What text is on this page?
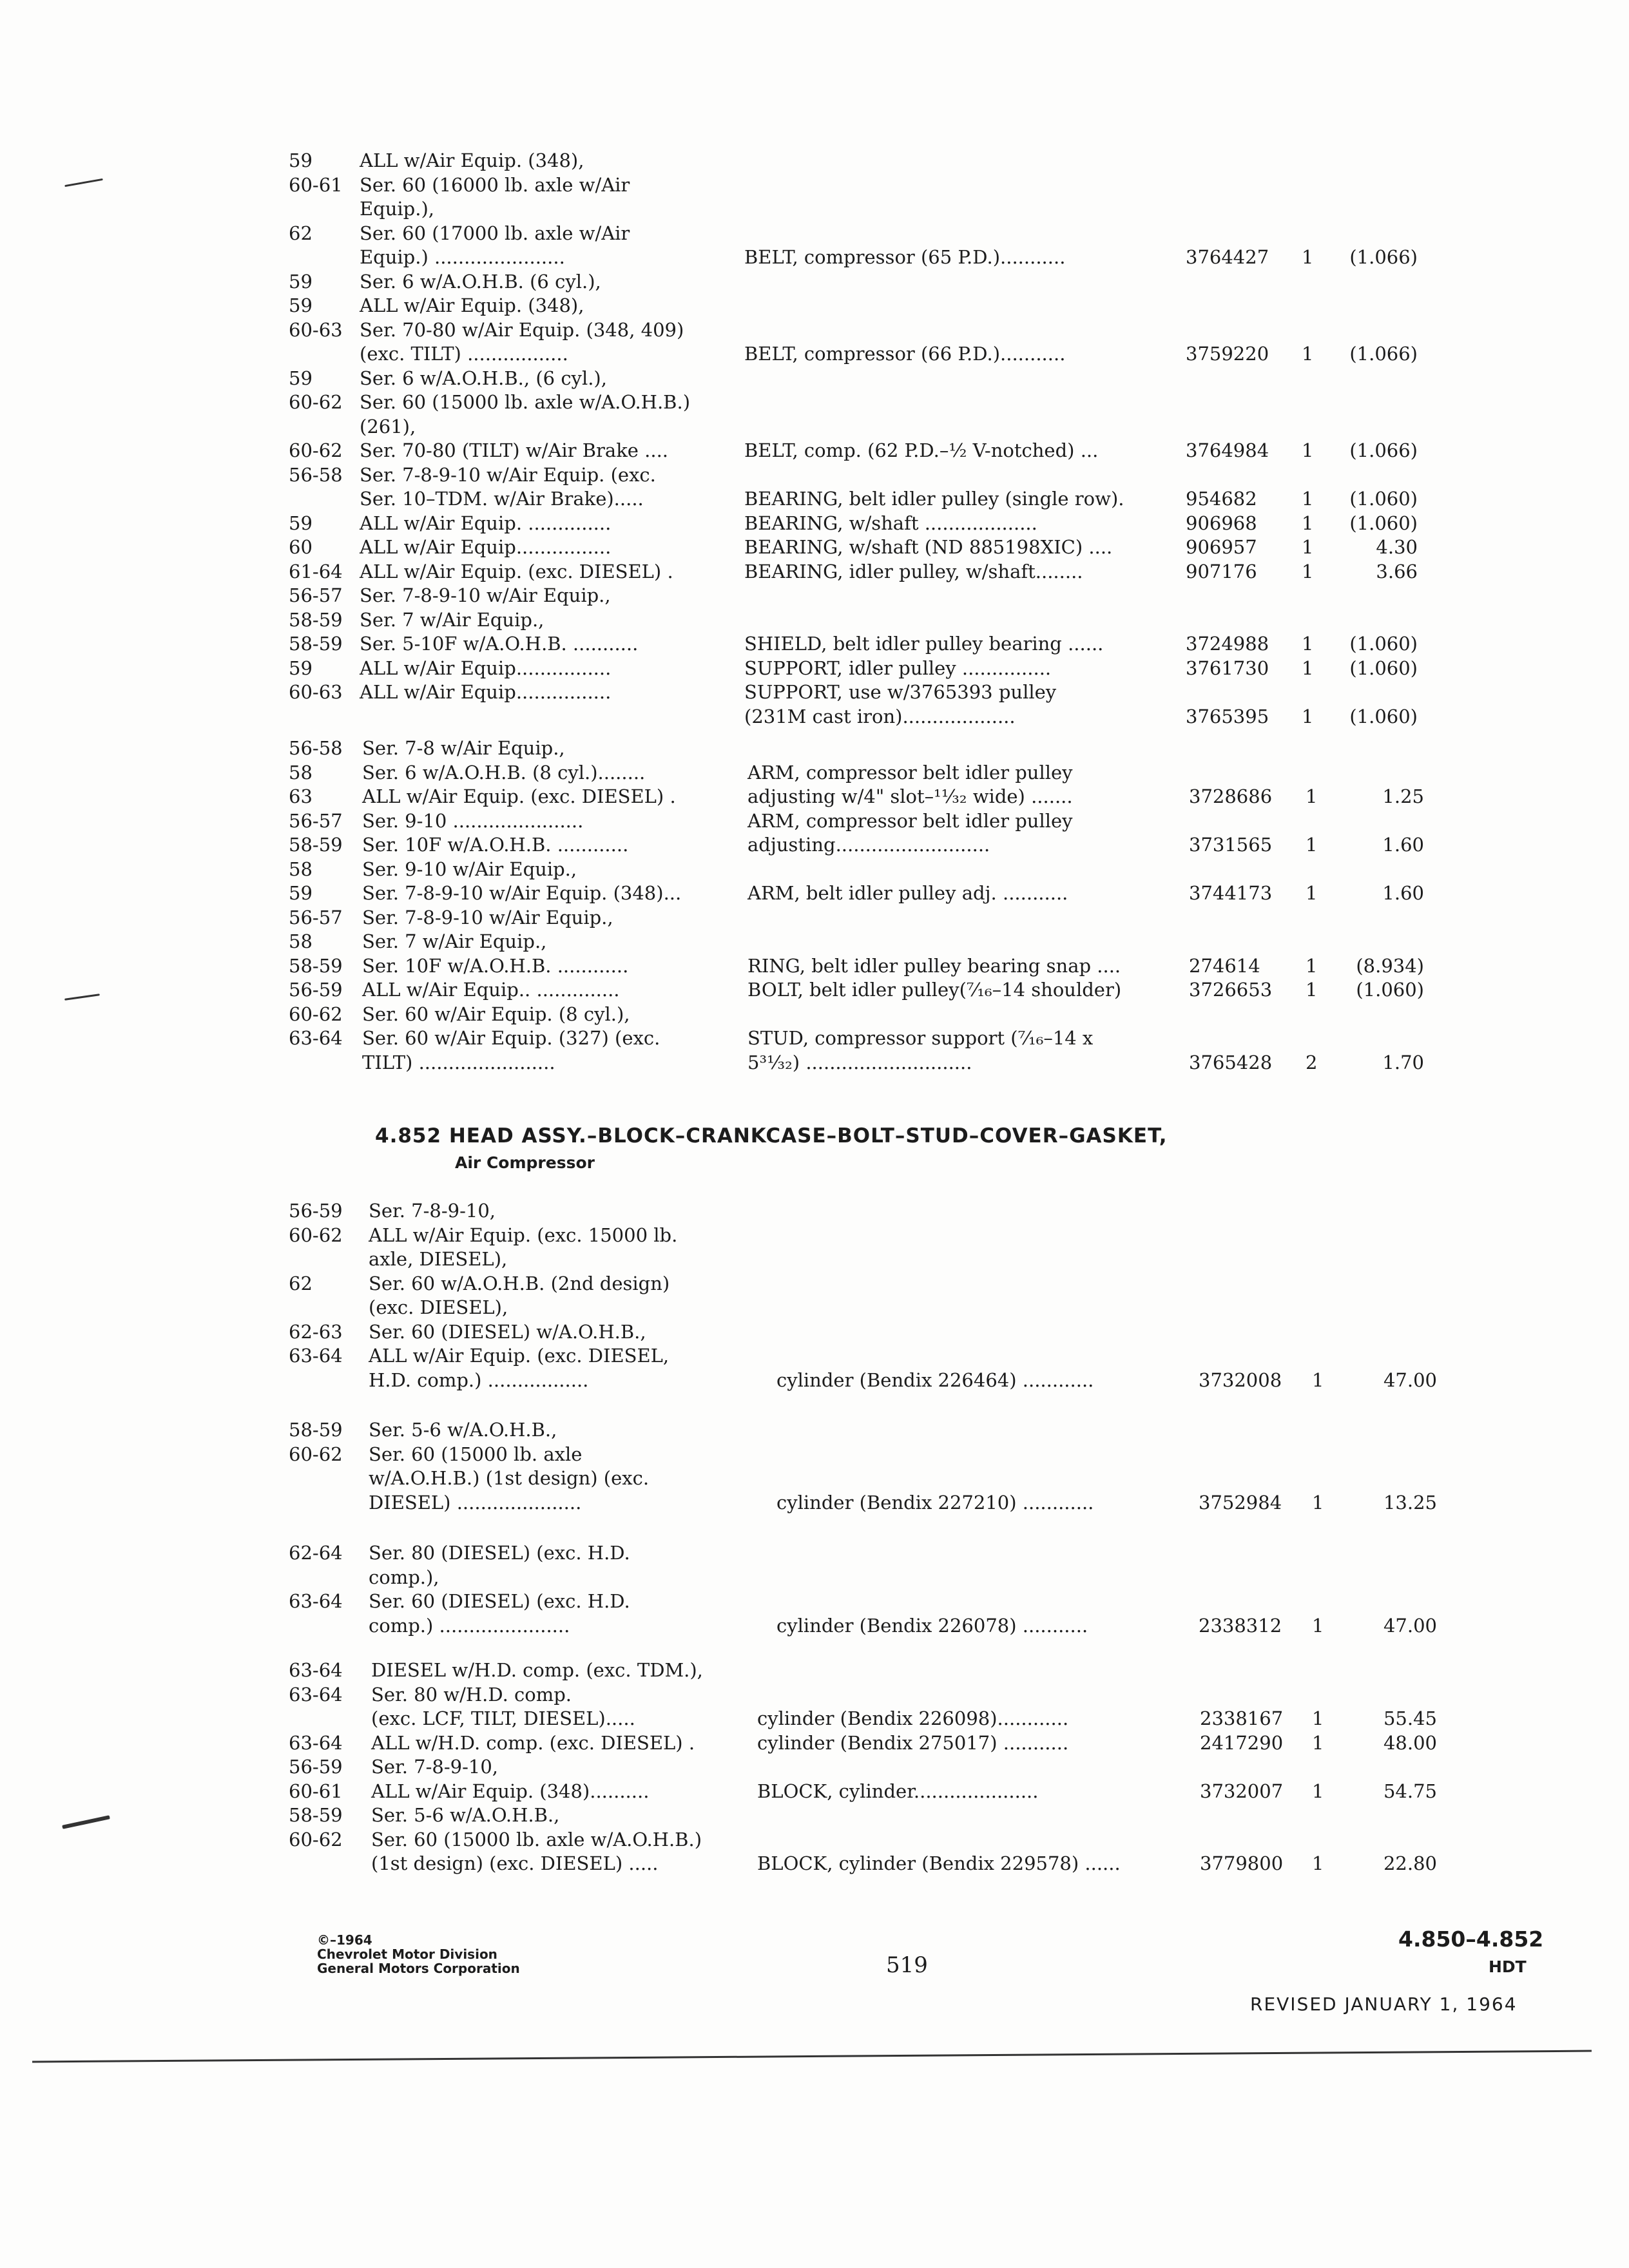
59	ALL w/Air Equip. (348),
60-61 Ser. 60 (16000 lb. axle w/Air
Equip.),
62	Ser. 60 (17000 lb. axle w/Air
Equip.) ......................	BELT, compressor (65 P.D.)...........	3764427 1	(1.066)
59	Ser. 6 w/A.O.H.B. (6 cyl.),
59	ALL w/Air Equip. (348),
60-63 Ser. 70-80 w/Air Equip. (348, 409)
(exc. TILT) .................	BELT, compressor (66 P.D.)...........	3759220 1	(1.066)
59	Ser. 6 w/A.O.H.B., (6 cyl.),
60-62 Ser. 60 (15000 lb. axle w/A.O.H.B.)
(261),
60-62 Ser. 70-80 (TILT) w/Air Brake ....	BELT, comp. (62 P.D.–½ V-notched) ...	3764984 1	(1.066)
56-58 Ser. 7-8-9-10 w/Air Equip. (exc.
Ser. 10–TDM. w/Air Brake).....	BEARING, belt idler pulley (single row).	954682 1	(1.060)
59	ALL w/Air Equip. ..............	BEARING, w/shaft ...................	906968 1	(1.060)
60	ALL w/Air Equip................	BEARING, w/shaft (ND 885198XIC) ....	906957 1	4.30
61-64 ALL w/Air Equip. (exc. DIESEL) .	BEARING, idler pulley, w/shaft........	907176 1	3.66
56-57 Ser. 7-8-9-10 w/Air Equip.,
58-59 Ser. 7 w/Air Equip.,
58-59 Ser. 5-10F w/A.O.H.B. ...........	SHIELD, belt idler pulley bearing ......	3724988 1	(1.060)
59	ALL w/Air Equip................	SUPPORT, idler pulley ...............	3761730 1	(1.060)
60-63 ALL w/Air Equip................	SUPPORT, use w/3765393 pulley
(231M cast iron)...................	3765395 1	(1.060)
56-58 Ser. 7-8 w/Air Equip.,
58	Ser. 6 w/A.O.H.B. (8 cyl.)........	ARM, compressor belt idler pulley
63	ALL w/Air Equip. (exc. DIESEL) .	adjusting w/4" slot–¹¹⁄₃₂ wide) .......	3728686 1	1.25
56-57 Ser. 9-10 ......................	ARM, compressor belt idler pulley
58-59 Ser. 10F w/A.O.H.B. ............	adjusting..........................	3731565 1	1.60
58	Ser. 9-10 w/Air Equip.,
59	Ser. 7-8-9-10 w/Air Equip. (348)...	ARM, belt idler pulley adj. ...........	3744173 1	1.60
56-57 Ser. 7-8-9-10 w/Air Equip.,
58	Ser. 7 w/Air Equip.,
58-59 Ser. 10F w/A.O.H.B. ............	RING, belt idler pulley bearing snap ....	274614 1	(8.934)
56-59 ALL w/Air Equip.. ..............	BOLT, belt idler pulley(⁷⁄₁₆–14 shoulder)	3726653 1	(1.060)
60-62 Ser. 60 w/Air Equip. (8 cyl.),
63-64 Ser. 60 w/Air Equip. (327) (exc.	STUD, compressor support (⁷⁄₁₆–14 x
TILT) .......................	5³¹⁄₃₂) ............................	3765428 2	1.70
56-59 Ser. 7-8-9-10,
60-62 ALL w/Air Equip. (exc. 15000 lb.
axle, DIESEL),
62	Ser. 60 w/A.O.H.B. (2nd design)
(exc. DIESEL),
62-63 Ser. 60 (DIESEL) w/A.O.H.B.,
63-64 ALL w/Air Equip. (exc. DIESEL,
H.D. comp.) .................	cylinder (Bendix 226464) ............	3732008 1	47.00
58-59 Ser. 5-6 w/A.O.H.B.,
60-62 Ser. 60 (15000 lb. axle
w/A.O.H.B.) (1st design) (exc.
DIESEL) .....................	cylinder (Bendix 227210) ............	3752984 1	13.25
62-64 Ser. 80 (DIESEL) (exc. H.D.
comp.),
63-64 Ser. 60 (DIESEL) (exc. H.D.
comp.) ......................	cylinder (Bendix 226078) ...........	2338312 1	47.00
63-64 DIESEL w/H.D. comp. (exc. TDM.),
63-64 Ser. 80 w/H.D. comp.
(exc. LCF, TILT, DIESEL).....	cylinder (Bendix 226098)............	2338167 1	55.45
63-64 ALL w/H.D. comp. (exc. DIESEL) .	cylinder (Bendix 275017) ...........	2417290 1	48.00
56-59 Ser. 7-8-9-10,
60-61 ALL w/Air Equip. (348)..........	BLOCK, cylinder.....................	3732007 1	54.75
58-59 Ser. 5-6 w/A.O.H.B.,
60-62 Ser. 60 (15000 lb. axle w/A.O.H.B.)
(1st design) (exc. DIESEL) .....	BLOCK, cylinder (Bendix 229578) ......	3779800 1	22.80
4.852 HEAD ASSY.–BLOCK–CRANKCASE–BOLT–STUD–COVER–GASKET,
Air Compressor
©–1964
Chevrolet Motor Division
General Motors Corporation	519
4.850–4.852
HDT
REVISED JANUARY 1, 1964
